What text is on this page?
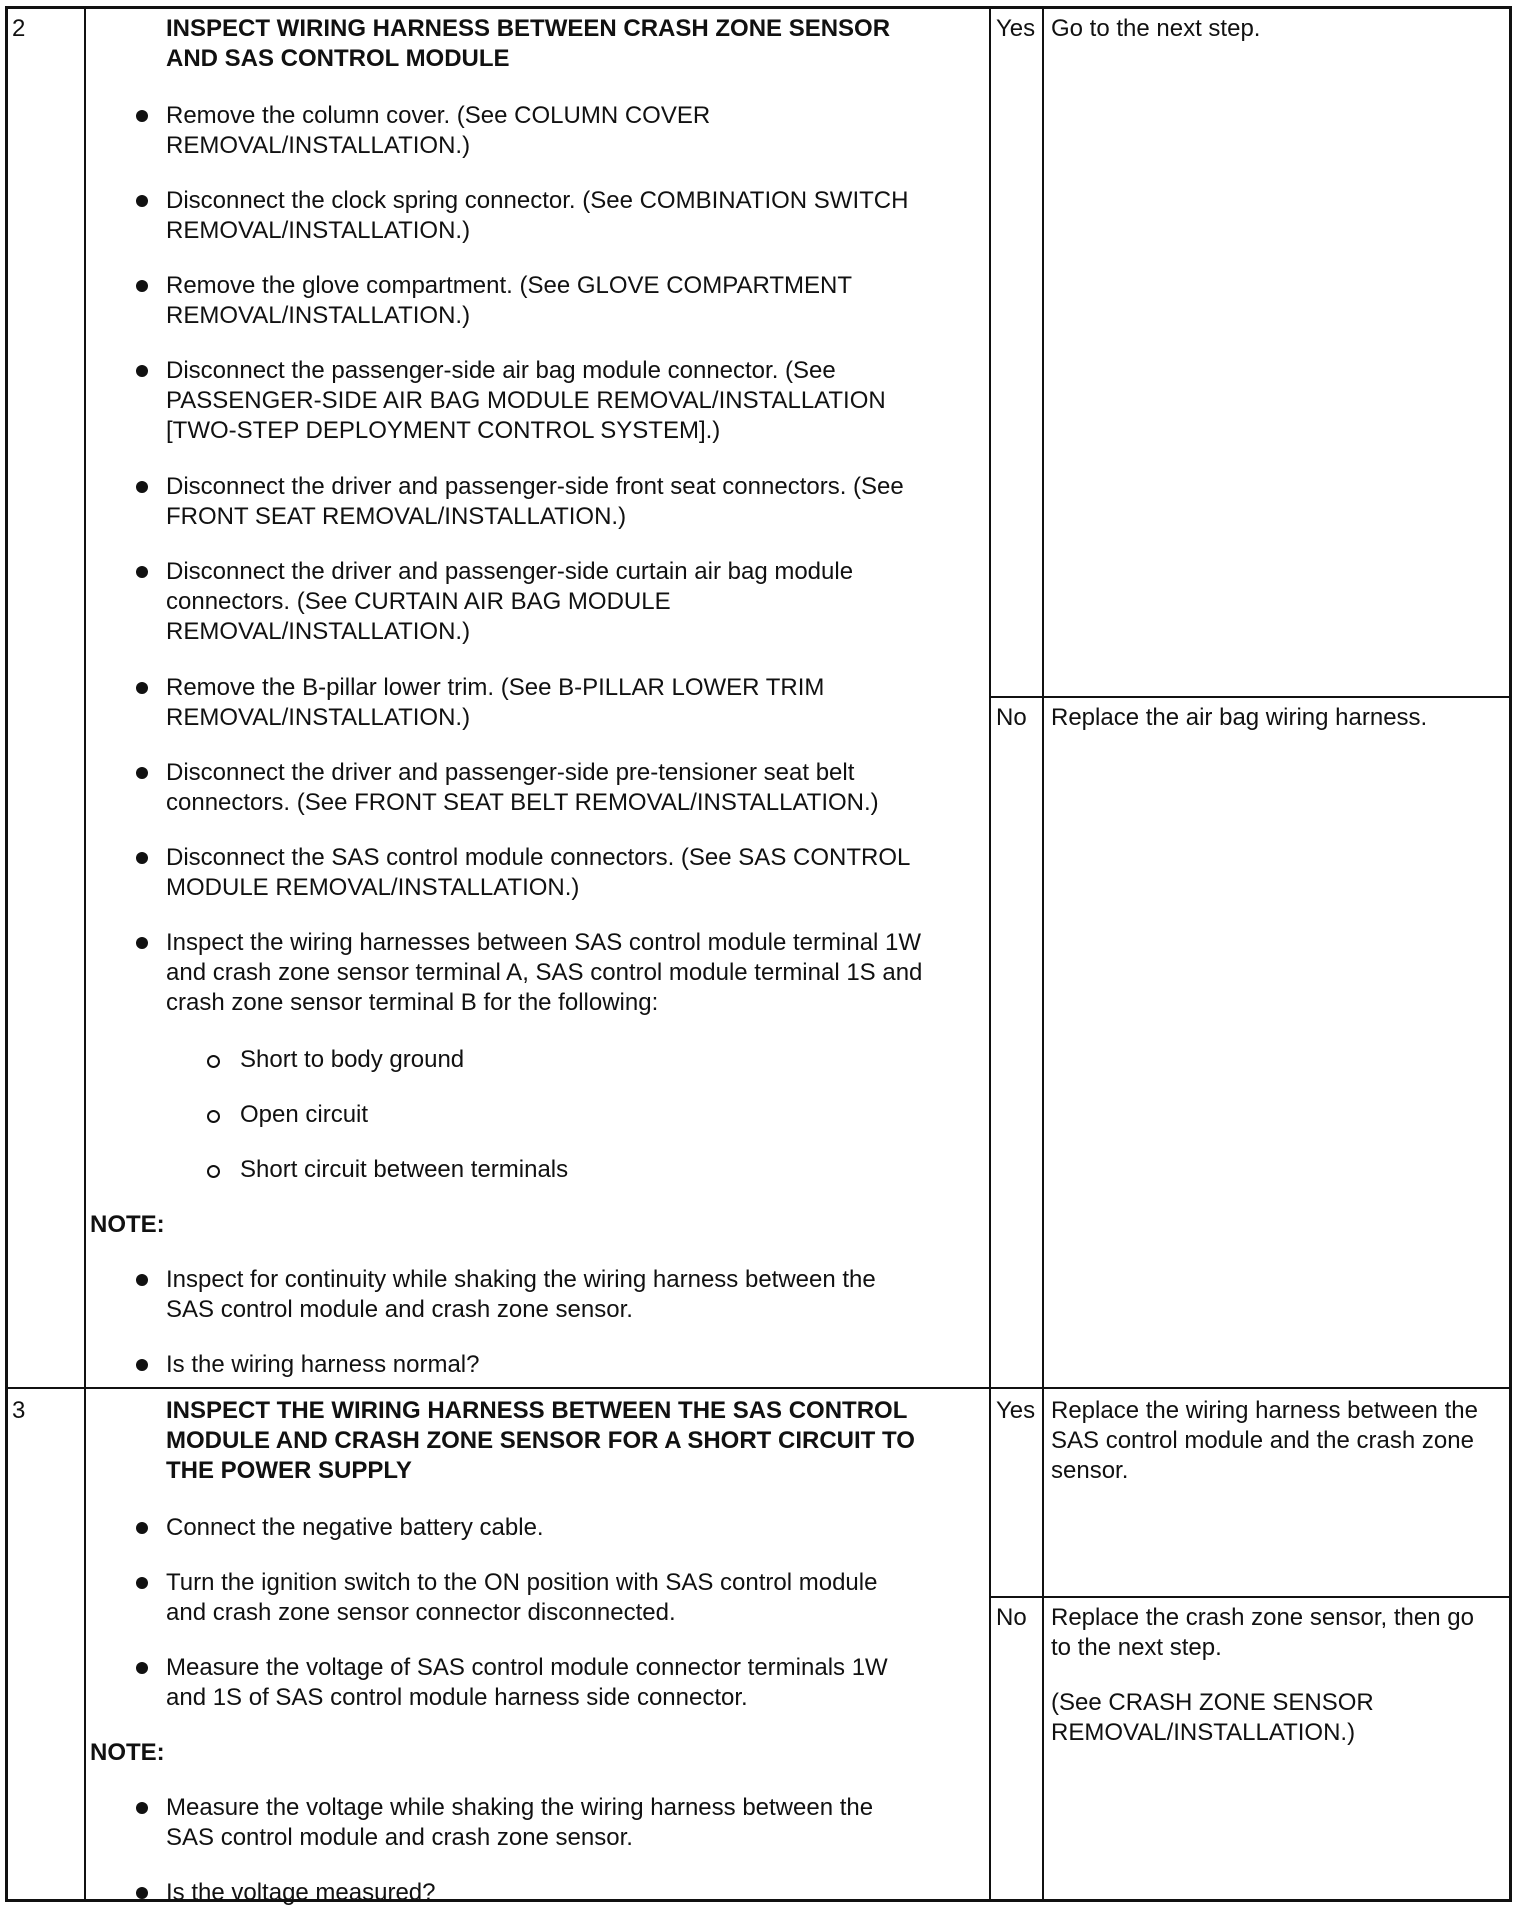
2	INSPECT WIRING HARNESS BETWEEN CRASH ZONE SENSOR
AND SAS CONTROL MODULE
Remove the column cover. (See COLUMN COVER
REMOVAL/INSTALLATION.)
Disconnect the clock spring connector. (See COMBINATION SWITCH
REMOVAL/INSTALLATION.)
Remove the glove compartment. (See GLOVE COMPARTMENT
REMOVAL/INSTALLATION.)
Disconnect the passenger-side air bag module connector. (See
PASSENGER-SIDE AIR BAG MODULE REMOVAL/INSTALLATION
[TWO-STEP DEPLOYMENT CONTROL SYSTEM].)
Disconnect the driver and passenger-side front seat connectors. (See
FRONT SEAT REMOVAL/INSTALLATION.)
Disconnect the driver and passenger-side curtain air bag module
connectors. (See CURTAIN AIR BAG MODULE
REMOVAL/INSTALLATION.)
Remove the B-pillar lower trim. (See B-PILLAR LOWER TRIM
REMOVAL/INSTALLATION.)
Disconnect the driver and passenger-side pre-tensioner seat belt
connectors. (See FRONT SEAT BELT REMOVAL/INSTALLATION.)
Disconnect the SAS control module connectors. (See SAS CONTROL
MODULE REMOVAL/INSTALLATION.)
Inspect the wiring harnesses between SAS control module terminal 1W
and crash zone sensor terminal A, SAS control module terminal 1S and
crash zone sensor terminal B for the following:
Short to body ground
Open circuit
Short circuit between terminals
NOTE:
Inspect for continuity while shaking the wiring harness between the
SAS control module and crash zone sensor.
Is the wiring harness normal?
Yes Go to the next step.
No Replace the air bag wiring harness.
3	INSPECT THE WIRING HARNESS BETWEEN THE SAS CONTROL
MODULE AND CRASH ZONE SENSOR FOR A SHORT CIRCUIT TO
THE POWER SUPPLY
Connect the negative battery cable.
Turn the ignition switch to the ON position with SAS control module
and crash zone sensor connector disconnected.
Measure the voltage of SAS control module connector terminals 1W
and 1S of SAS control module harness side connector.
NOTE:
Measure the voltage while shaking the wiring harness between the
SAS control module and crash zone sensor.
Is the voltage measured?
Yes Replace the wiring harness between the
SAS control module and the crash zone
sensor.
No Replace the crash zone sensor, then go
to the next step.
(See CRASH ZONE SENSOR
REMOVAL/INSTALLATION.)
